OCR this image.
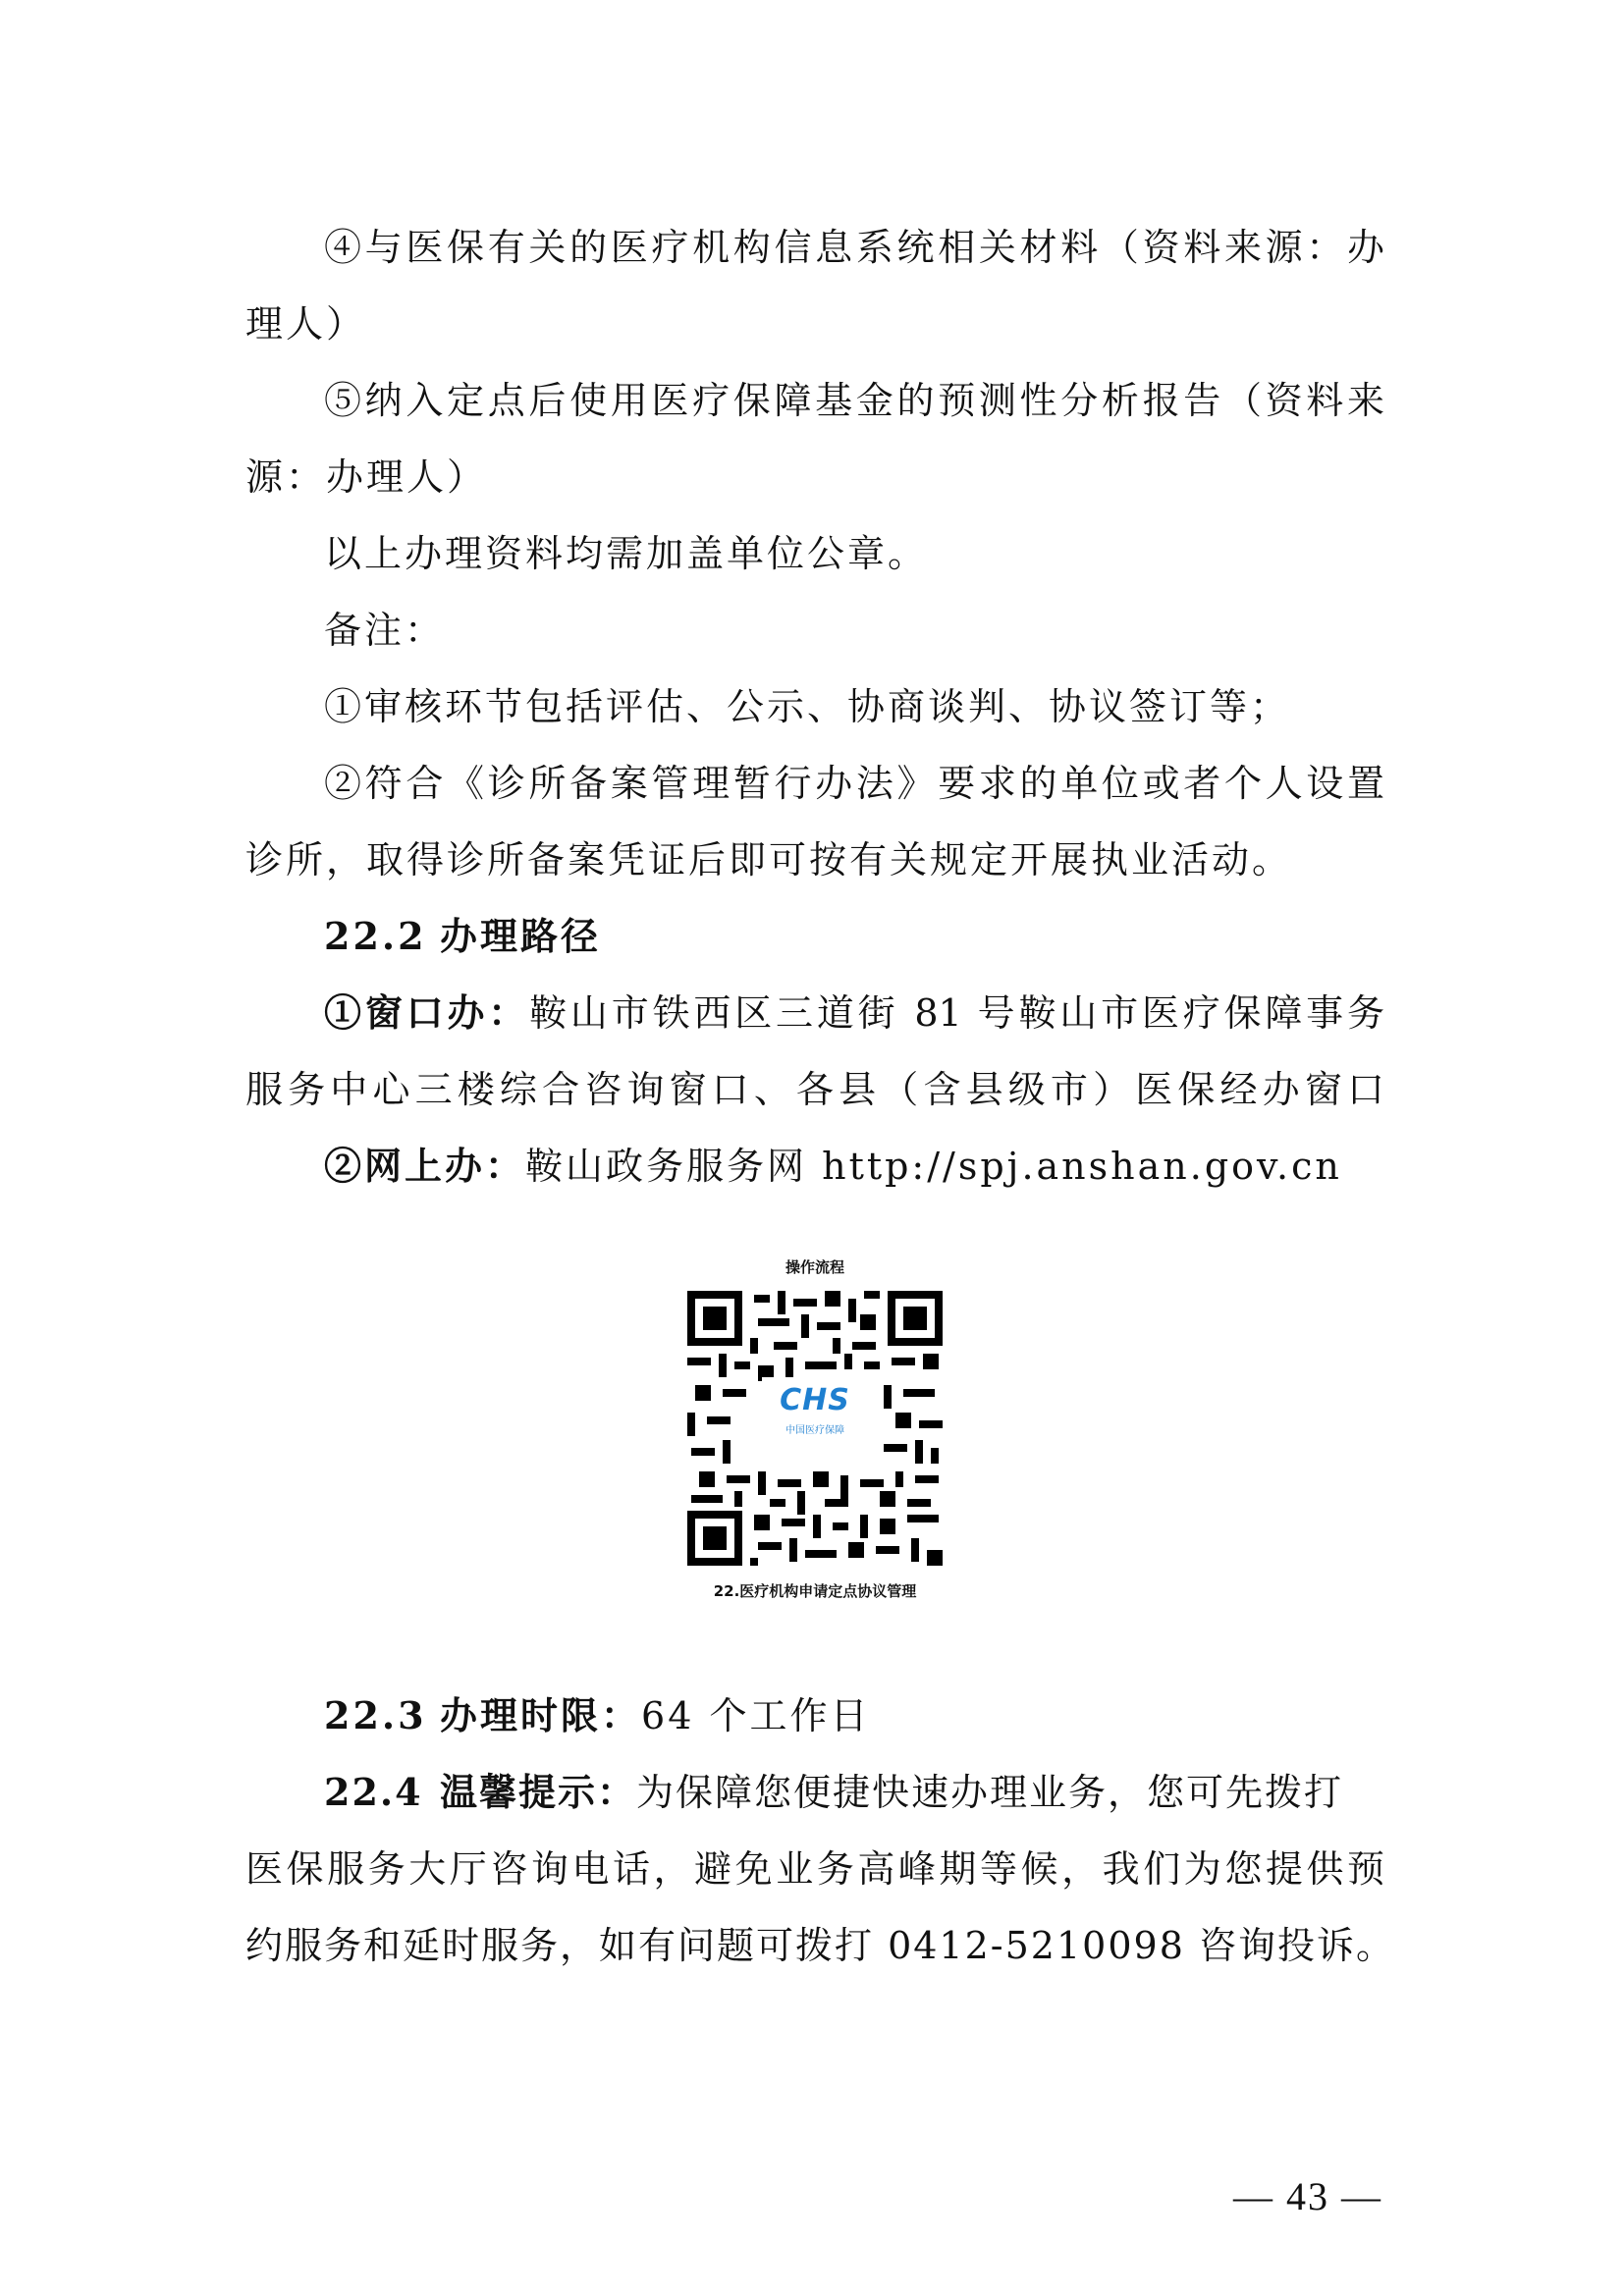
④与医保有关的医疗机构信息系统相关材料（资料来源：办
理人）
⑤纳入定点后使用医疗保障基金的预测性分析报告（资料来
源：办理人）
以上办理资料均需加盖单位公章。
备注：
①审核环节包括评估、公示、协商谈判、协议签订等；
②符合《诊所备案管理暂行办法》要求的单位或者个人设置
诊所，取得诊所备案凭证后即可按有关规定开展执业活动。
22.2 办理路径
①窗口办：鞍山市铁西区三道街 81 号鞍山市医疗保障事务
服务中心三楼综合咨询窗口、各县（含县级市）医保经办窗口
②网上办：鞍山政务服务网 http://spj.anshan.gov.cn
操作流程
CHS
中国医疗保障
22.医疗机构申请定点协议管理
22.3 办理时限：64 个工作日
22.4 温馨提示：为保障您便捷快速办理业务，您可先拨打
医保服务大厅咨询电话，避免业务高峰期等候，我们为您提供预
约服务和延时服务，如有问题可拨打 0412-5210098 咨询投诉。
— 43 —
